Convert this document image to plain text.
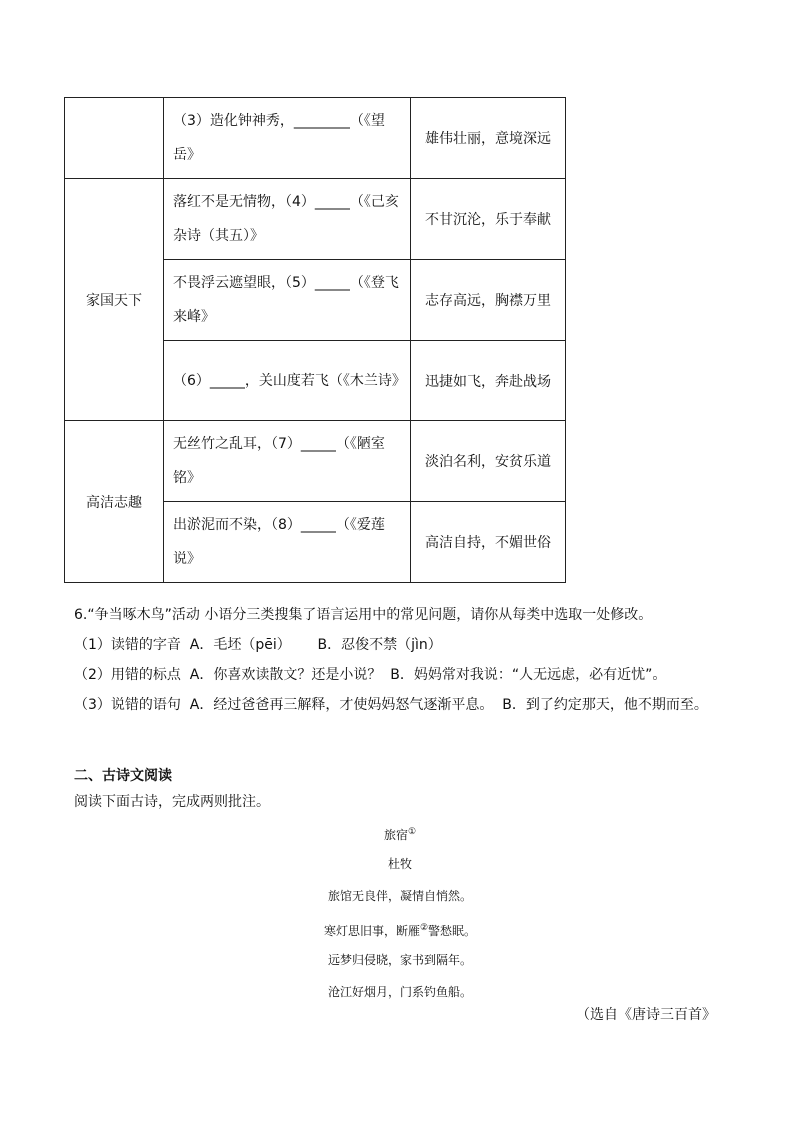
	（3）造化钟神秀，________（《望岳》	雄伟壮丽，意境深远
家国天下	落红不是无情物，（4）_____（《己亥杂诗（其五）》	不甘沉沦，乐于奉献
	不畏浮云遮望眼，（5）_____（《登飞来峰》	志存高远，胸襟万里
	（6）_____，关山度若飞（《木兰诗》	迅捷如飞，奔赴战场
高洁志趣	无丝竹之乱耳，（7）_____（《陋室铭》	淡泊名利，安贫乐道
	出淤泥而不染，（8）_____（《爱莲说》	高洁自持，不媚世俗

6.“争当啄木鸟”活动 小语分三类搜集了语言运用中的常见问题，请你从每类中选取一处修改。

（1）读错的字音  A．毛坯（pēi）      B．忍俊不禁（jìn）

（2）用错的标点  A．你喜欢读散文？还是小说？  B．妈妈常对我说：“人无远虑，必有近忧”。

（3）说错的语句  A．经过爸爸再三解释，才使妈妈怒气逐渐平息。  B．到了约定那天，他不期而至。

二、古诗文阅读
阅读下面古诗，完成两则批注。
旅宿①
杜牧
旅馆无良伴，凝情自悄然。
寒灯思旧事，断雁②警愁眠。
远梦归侵晓，家书到隔年。
沧江好烟月，门系钓鱼船。
（选自《唐诗三百首》
